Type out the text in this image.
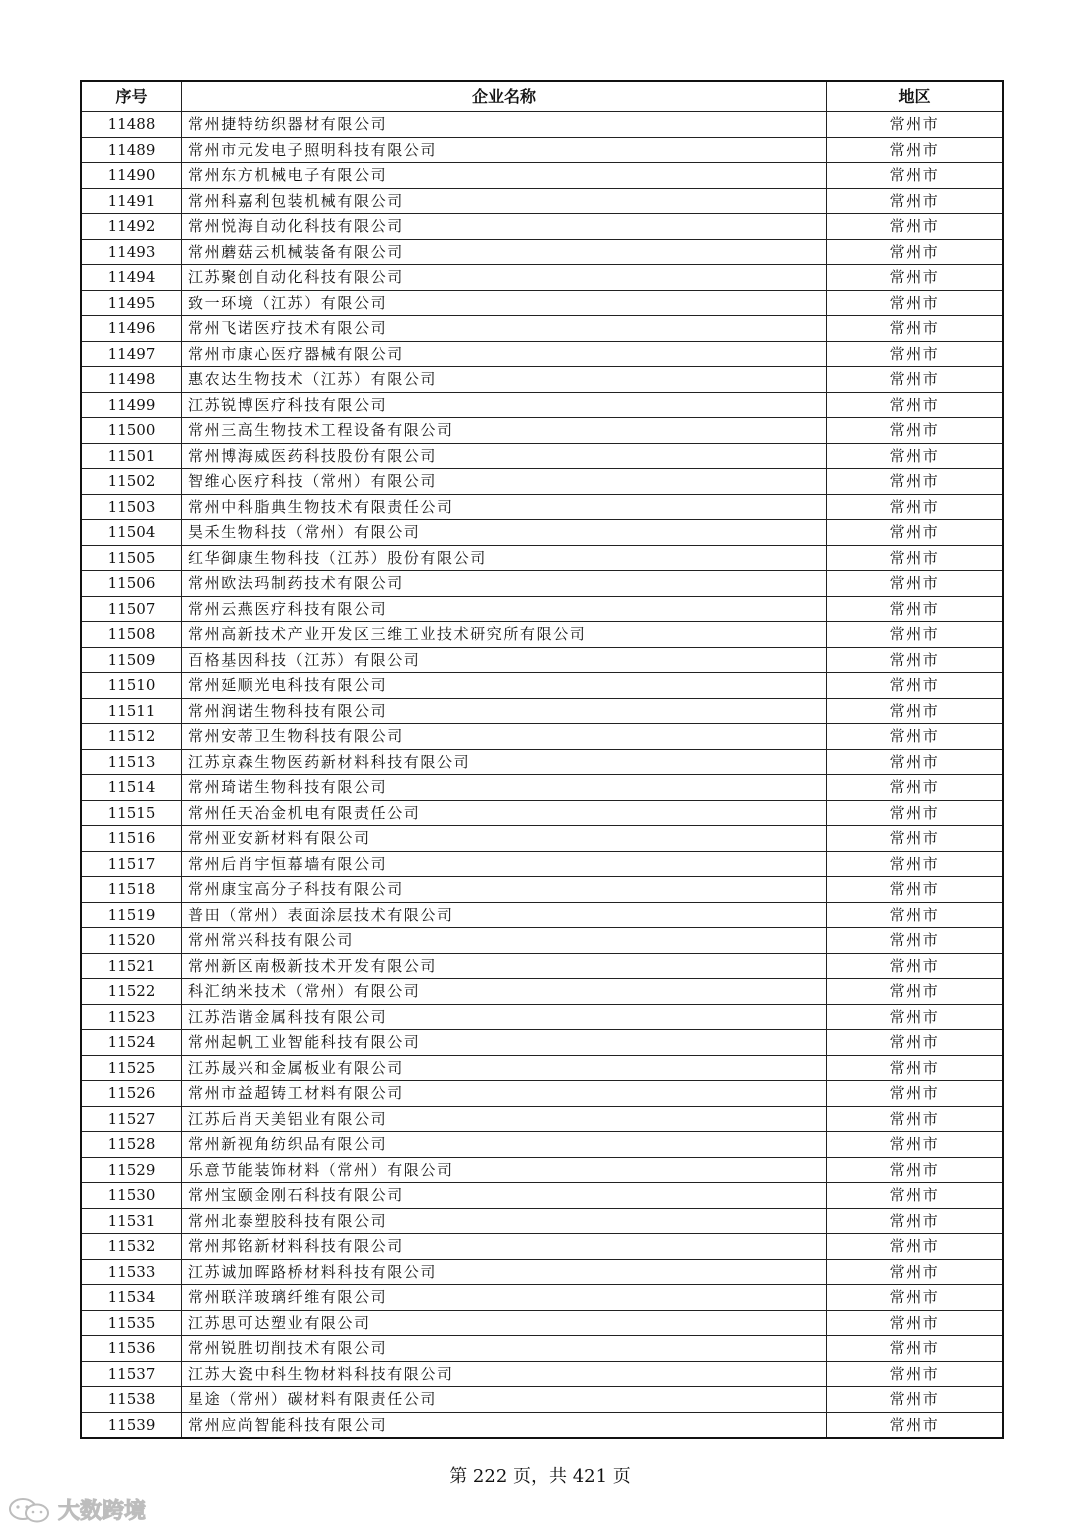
序号	企业名称	地区
11488	常州捷特纺织器材有限公司	常州市
11489	常州市元发电子照明科技有限公司	常州市
11490	常州东方机械电子有限公司	常州市
11491	常州科嘉利包装机械有限公司	常州市
11492	常州悦海自动化科技有限公司	常州市
11493	常州蘑菇云机械装备有限公司	常州市
11494	江苏聚创自动化科技有限公司	常州市
11495	致一环境（江苏）有限公司	常州市
11496	常州飞诺医疗技术有限公司	常州市
11497	常州市康心医疗器械有限公司	常州市
11498	惠农达生物技术（江苏）有限公司	常州市
11499	江苏锐博医疗科技有限公司	常州市
11500	常州三高生物技术工程设备有限公司	常州市
11501	常州博海威医药科技股份有限公司	常州市
11502	智维心医疗科技（常州）有限公司	常州市
11503	常州中科脂典生物技术有限责任公司	常州市
11504	昊禾生物科技（常州）有限公司	常州市
11505	红华御康生物科技（江苏）股份有限公司	常州市
11506	常州欧法玛制药技术有限公司	常州市
11507	常州云燕医疗科技有限公司	常州市
11508	常州高新技术产业开发区三维工业技术研究所有限公司	常州市
11509	百格基因科技（江苏）有限公司	常州市
11510	常州延顺光电科技有限公司	常州市
11511	常州润诺生物科技有限公司	常州市
11512	常州安蒂卫生物科技有限公司	常州市
11513	江苏京森生物医药新材料科技有限公司	常州市
11514	常州琦诺生物科技有限公司	常州市
11515	常州任天冶金机电有限责任公司	常州市
11516	常州亚安新材料有限公司	常州市
11517	常州后肖宇恒幕墙有限公司	常州市
11518	常州康宝高分子科技有限公司	常州市
11519	普田（常州）表面涂层技术有限公司	常州市
11520	常州常兴科技有限公司	常州市
11521	常州新区南极新技术开发有限公司	常州市
11522	科汇纳米技术（常州）有限公司	常州市
11523	江苏浩谐金属科技有限公司	常州市
11524	常州起帆工业智能科技有限公司	常州市
11525	江苏晟兴和金属板业有限公司	常州市
11526	常州市益超铸工材料有限公司	常州市
11527	江苏后肖天美铝业有限公司	常州市
11528	常州新视角纺织品有限公司	常州市
11529	乐意节能装饰材料（常州）有限公司	常州市
11530	常州宝颐金刚石科技有限公司	常州市
11531	常州北泰塑胶科技有限公司	常州市
11532	常州邦铭新材料科技有限公司	常州市
11533	江苏诚加晖路桥材料科技有限公司	常州市
11534	常州联洋玻璃纤维有限公司	常州市
11535	江苏思可达塑业有限公司	常州市
11536	常州锐胜切削技术有限公司	常州市
11537	江苏大瓷中科生物材料科技有限公司	常州市
11538	星途（常州）碳材料有限责任公司	常州市
11539	常州应尚智能科技有限公司	常州市
第 222 页，共 421 页
大数跨境
